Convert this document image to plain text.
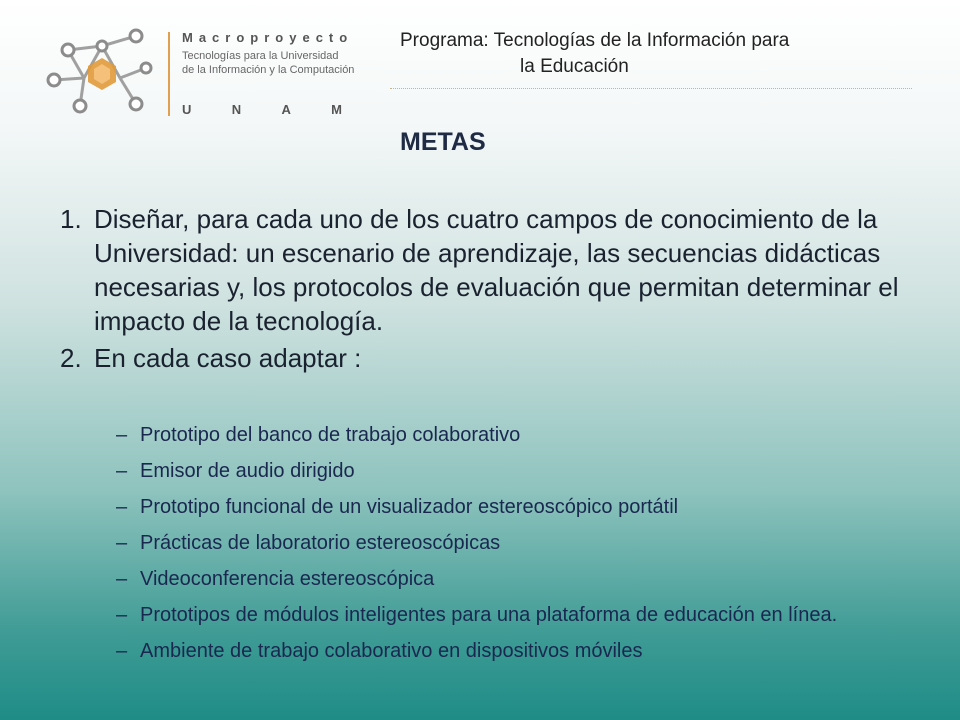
Macroproyecto
Tecnologías para la Universidad
de la Información y la Computación
U	N	A	M
Programa: Tecnologías de la Información para
la Educación
METAS
1. Diseñar, para cada uno de los cuatro campos de conocimiento de la Universidad: un escenario de aprendizaje, las secuencias didácticas necesarias y, los protocolos de evaluación que permitan determinar el impacto de la tecnología.
2. En cada caso adaptar :
– Prototipo del banco de trabajo colaborativo
– Emisor de audio dirigido
– Prototipo funcional de un visualizador estereoscópico portátil
– Prácticas de laboratorio estereoscópicas
– Videoconferencia estereoscópica
– Prototipos de módulos inteligentes para una plataforma de educación en línea.
– Ambiente de trabajo colaborativo en dispositivos móviles
